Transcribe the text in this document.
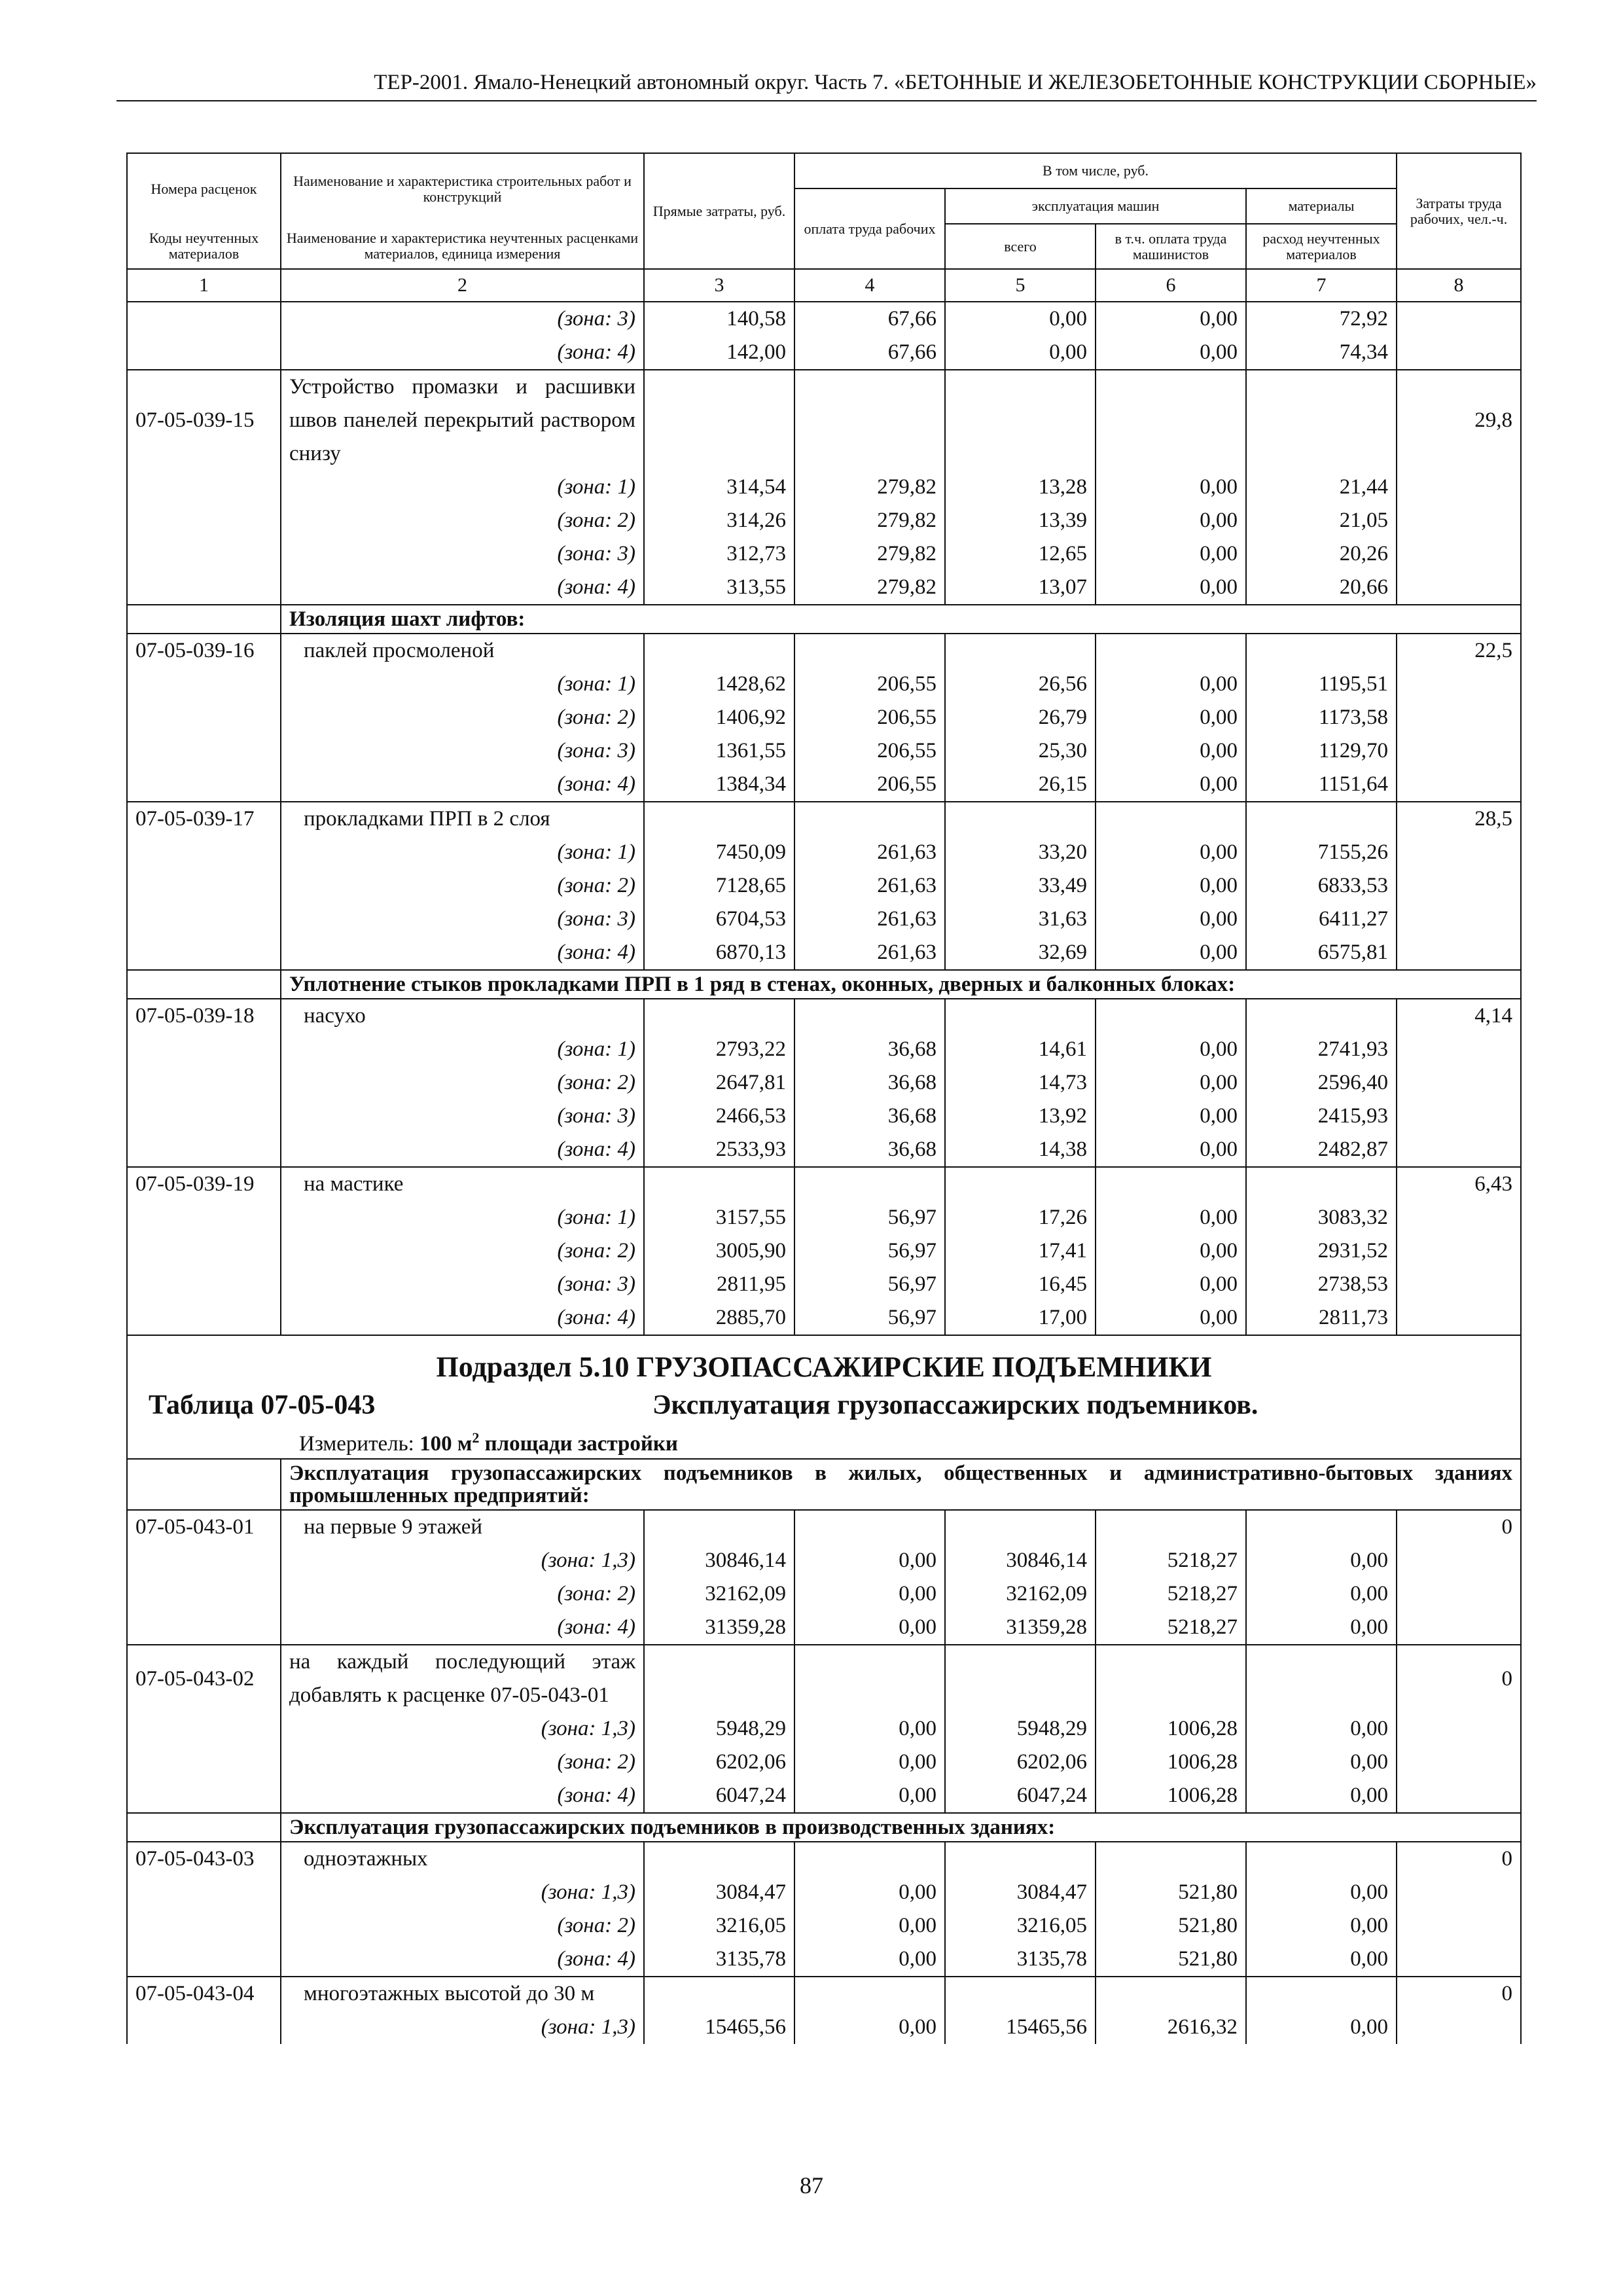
ТЕР-2001. Ямало-Ненецкий автономный округ. Часть 7. «БЕТОННЫЕ И ЖЕЛЕЗОБЕТОННЫЕ КОНСТРУКЦИИ СБОРНЫЕ»
Номера расценок	Наименование и характеристика строительных работ и конструкций	Прямые затраты, руб.	В том числе, руб.				Затраты труда рабочих, чел.-ч.
			оплата труда рабочих	эксплуатация машин		материалы	
Коды неучтенных материалов	Наименование и характеристика неучтенных расценками материалов, единица измерения			всего	в т.ч. оплата труда машинистов	расход неучтенных материалов	
1	2	3	4	5	6	7	8
	(зона: 3)	140,58	67,66	0,00	0,00	72,92	
	(зона: 4)	142,00	67,66	0,00	0,00	74,34	
07-05-039-15	Устройство промазки и расшивки швов панелей перекрытий раствором снизу						29,8
	(зона: 1)	314,54	279,82	13,28	0,00	21,44	
	(зона: 2)	314,26	279,82	13,39	0,00	21,05	
	(зона: 3)	312,73	279,82	12,65	0,00	20,26	
	(зона: 4)	313,55	279,82	13,07	0,00	20,66	
	Изоляция шахт лифтов:						
07-05-039-16	паклей просмоленой						22,5
	(зона: 1)	1428,62	206,55	26,56	0,00	1195,51	
	(зона: 2)	1406,92	206,55	26,79	0,00	1173,58	
	(зона: 3)	1361,55	206,55	25,30	0,00	1129,70	
	(зона: 4)	1384,34	206,55	26,15	0,00	1151,64	
07-05-039-17	прокладками ПРП в 2 слоя						28,5
	(зона: 1)	7450,09	261,63	33,20	0,00	7155,26	
	(зона: 2)	7128,65	261,63	33,49	0,00	6833,53	
	(зона: 3)	6704,53	261,63	31,63	0,00	6411,27	
	(зона: 4)	6870,13	261,63	32,69	0,00	6575,81	
	Уплотнение стыков прокладками ПРП в 1 ряд в стенах, оконных, дверных и балконных блоках:						
07-05-039-18	насухо						4,14
	(зона: 1)	2793,22	36,68	14,61	0,00	2741,93	
	(зона: 2)	2647,81	36,68	14,73	0,00	2596,40	
	(зона: 3)	2466,53	36,68	13,92	0,00	2415,93	
	(зона: 4)	2533,93	36,68	14,38	0,00	2482,87	
07-05-039-19	на мастике						6,43
	(зона: 1)	3157,55	56,97	17,26	0,00	3083,32	
	(зона: 2)	3005,90	56,97	17,41	0,00	2931,52	
	(зона: 3)	2811,95	56,97	16,45	0,00	2738,53	
	(зона: 4)	2885,70	56,97	17,00	0,00	2811,73	

Подраздел 5.10 ГРУЗОПАССАЖИРСКИЕ ПОДЪЕМНИКИ
Таблица 07-05-043 Эксплуатация грузопассажирских подъемников.
Измеритель: 100 $м^2$ площади застройки							

	Эксплуатация грузопассажирских подъемников в жилых, общественных и административно-бытовых зданиях промышленных предприятий:						
07-05-043-01	на первые 9 этажей						0
	(зона: 1,3)	30846,14	0,00	30846,14	5218,27	0,00	
	(зона: 2)	32162,09	0,00	32162,09	5218,27	0,00	
	(зона: 4)	31359,28	0,00	31359,28	5218,27	0,00	
07-05-043-02	на каждый последующий этаж добавлять к расценке 07-05-043-01						0
	(зона: 1,3)	5948,29	0,00	5948,29	1006,28	0,00	
	(зона: 2)	6202,06	0,00	6202,06	1006,28	0,00	
	(зона: 4)	6047,24	0,00	6047,24	1006,28	0,00	
	Эксплуатация грузопассажирских подъемников в производственных зданиях:						
07-05-043-03	одноэтажных						0
	(зона: 1,3)	3084,47	0,00	3084,47	521,80	0,00	
	(зона: 2)	3216,05	0,00	3216,05	521,80	0,00	
	(зона: 4)	3135,78	0,00	3135,78	521,80	0,00	
07-05-043-04	многоэтажных высотой до 30 м						0
	(зона: 1,3)	15465,56	0,00	15465,56	2616,32	0,00	
87
